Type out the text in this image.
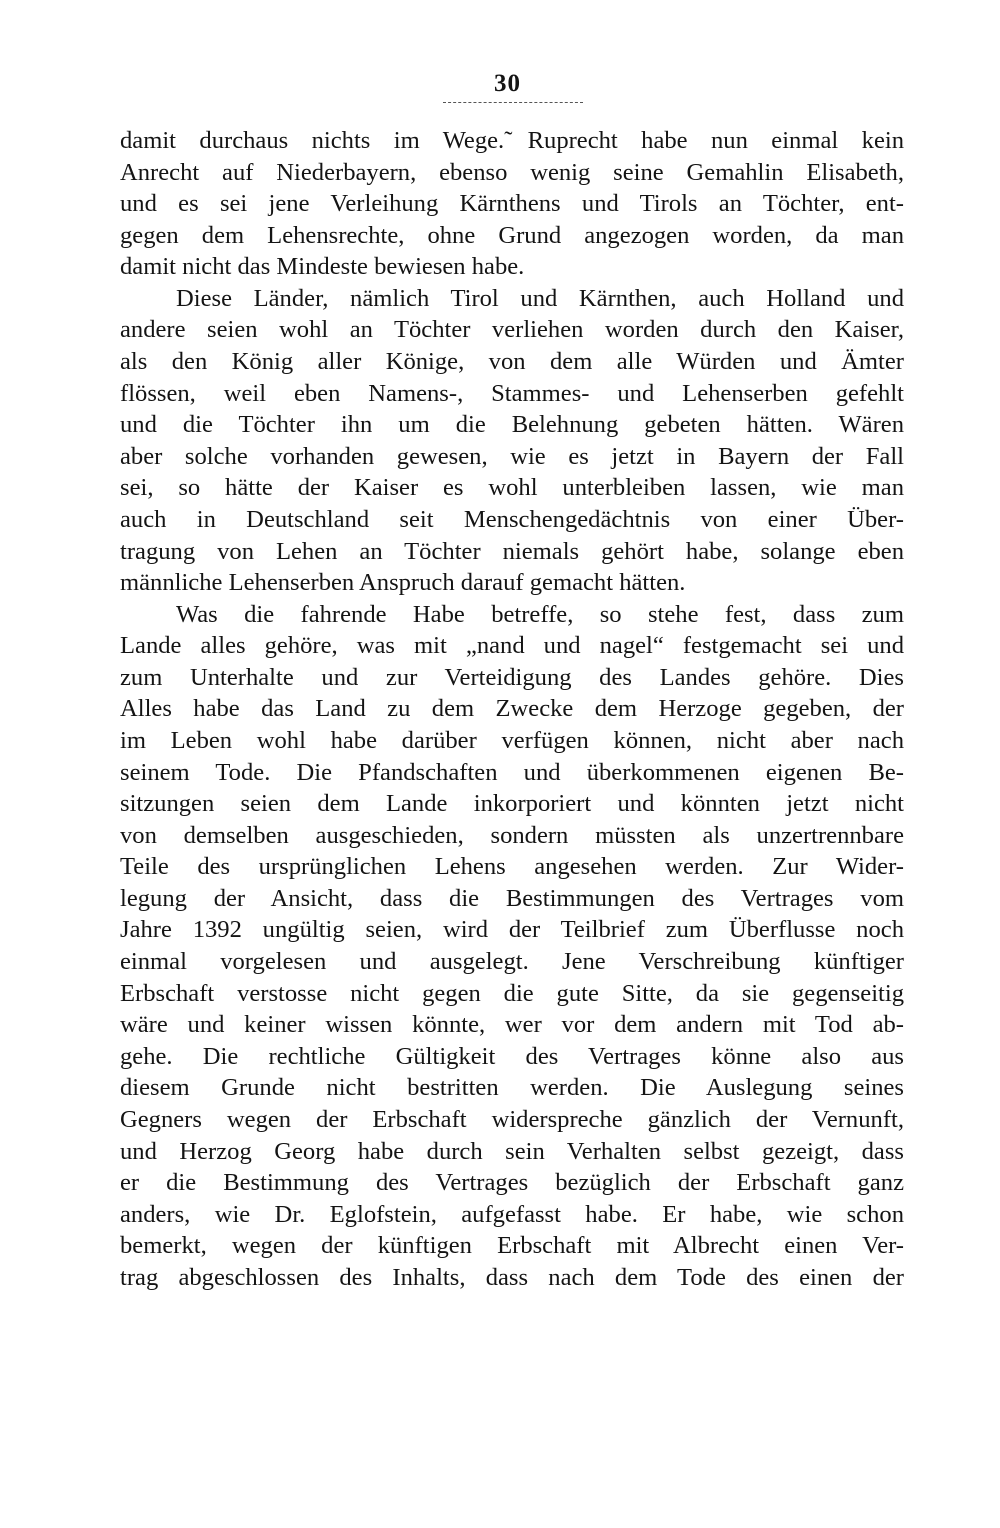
30
damit durchaus nichts im Wege.̃ Ruprecht habe nun einmal kein
Anrecht auf Niederbayern, ebenso wenig seine Gemahlin Elisabeth,
und es sei jene Verleihung Kärnthens und Tirols an Töchter, ent-
gegen dem Lehensrechte, ohne Grund angezogen worden, da man
damit nicht das Mindeste bewiesen habe.
Diese Länder, nämlich Tirol und Kärnthen, auch Holland und
andere seien wohl an Töchter verliehen worden durch den Kaiser,
als den König aller Könige, von dem alle Würden und Ämter
flössen, weil eben Namens-, Stammes- und Lehenserben gefehlt
und die Töchter ihn um die Belehnung gebeten hätten. Wären
aber solche vorhanden gewesen, wie es jetzt in Bayern der Fall
sei, so hätte der Kaiser es wohl unterbleiben lassen, wie man
auch in Deutschland seit Menschengedächtnis von einer Über-
tragung von Lehen an Töchter niemals gehört habe, solange eben
männliche Lehenserben Anspruch darauf gemacht hätten.
Was die fahrende Habe betreffe, so stehe fest, dass zum
Lande alles gehöre, was mit „nand und nagel“ festgemacht sei und
zum Unterhalte und zur Verteidigung des Landes gehöre. Dies
Alles habe das Land zu dem Zwecke dem Herzoge gegeben, der
im Leben wohl habe darüber verfügen können, nicht aber nach
seinem Tode. Die Pfandschaften und überkommenen eigenen Be-
sitzungen seien dem Lande inkorporiert und könnten jetzt nicht
von demselben ausgeschieden, sondern müssten als unzertrennbare
Teile des ursprünglichen Lehens angesehen werden. Zur Wider-
legung der Ansicht, dass die Bestimmungen des Vertrages vom
Jahre 1392 ungültig seien, wird der Teilbrief zum Überflusse noch
einmal vorgelesen und ausgelegt. Jene Verschreibung künftiger
Erbschaft verstosse nicht gegen die gute Sitte, da sie gegenseitig
wäre und keiner wissen könnte, wer vor dem andern mit Tod ab-
gehe. Die rechtliche Gültigkeit des Vertrages könne also aus
diesem Grunde nicht bestritten werden. Die Auslegung seines
Gegners wegen der Erbschaft widerspreche gänzlich der Vernunft,
und Herzog Georg habe durch sein Verhalten selbst gezeigt, dass
er die Bestimmung des Vertrages bezüglich der Erbschaft ganz
anders, wie Dr. Eglofstein, aufgefasst habe. Er habe, wie schon
bemerkt, wegen der künftigen Erbschaft mit Albrecht einen Ver-
trag abgeschlossen des Inhalts, dass nach dem Tode des einen der
